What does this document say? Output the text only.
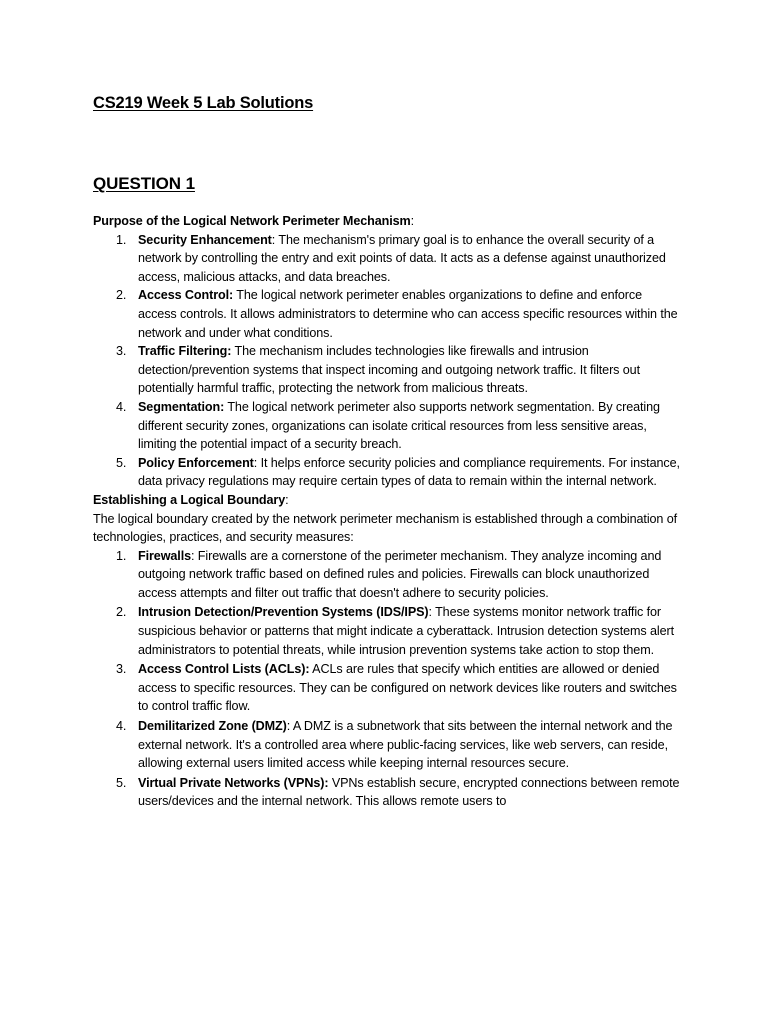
CS219 Week 5 Lab Solutions
QUESTION 1

Purpose of the Logical Network Perimeter Mechanism:

1. Security Enhancement: The mechanism's primary goal is to enhance the overall security of a network by controlling the entry and exit points of data. It acts as a defense against unauthorized access, malicious attacks, and data breaches.
2. Access Control: The logical network perimeter enables organizations to define and enforce access controls. It allows administrators to determine who can access specific resources within the network and under what conditions.
3. Traffic Filtering: The mechanism includes technologies like firewalls and intrusion detection/prevention systems that inspect incoming and outgoing network traffic. It filters out potentially harmful traffic, protecting the network from malicious threats.
4. Segmentation: The logical network perimeter also supports network segmentation. By creating different security zones, organizations can isolate critical resources from less sensitive areas, limiting the potential impact of a security breach.
5. Policy Enforcement: It helps enforce security policies and compliance requirements. For instance, data privacy regulations may require certain types of data to remain within the internal network.

Establishing a Logical Boundary:

The logical boundary created by the network perimeter mechanism is established through a combination of technologies, practices, and security measures:

1. Firewalls: Firewalls are a cornerstone of the perimeter mechanism. They analyze incoming and outgoing network traffic based on defined rules and policies. Firewalls can block unauthorized access attempts and filter out traffic that doesn't adhere to security policies.
2. Intrusion Detection/Prevention Systems (IDS/IPS): These systems monitor network traffic for suspicious behavior or patterns that might indicate a cyberattack. Intrusion detection systems alert administrators to potential threats, while intrusion prevention systems take action to stop them.
3. Access Control Lists (ACLs): ACLs are rules that specify which entities are allowed or denied access to specific resources. They can be configured on network devices like routers and switches to control traffic flow.
4. Demilitarized Zone (DMZ): A DMZ is a subnetwork that sits between the internal network and the external network. It's a controlled area where public-facing services, like web servers, can reside, allowing external users limited access while keeping internal resources secure.
5. Virtual Private Networks (VPNs): VPNs establish secure, encrypted connections between remote users/devices and the internal network. This allows remote users to
